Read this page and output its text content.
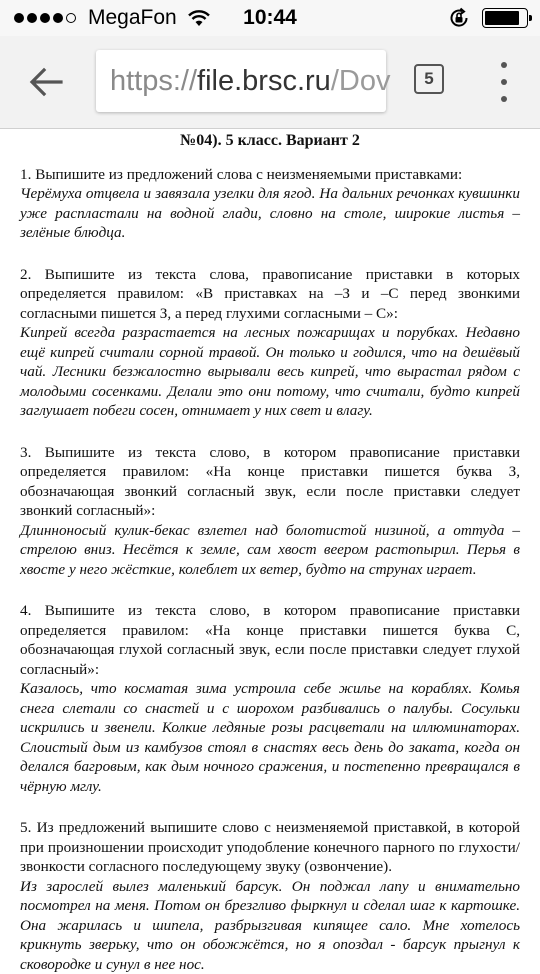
MegaFon	10:44
https://file.brsc.ru/Dov	5
№04). 5 класс. Вариант 2

1. Выпишите из предложений слова с неизменяемыми приставками:

Черёмуха отцвела и завязала узелки для ягод. На дальних речонках кувшинки уже распластали на водной глади, словно на столе, широкие листья – зелёные блюдца.

2. Выпишите из текста слова, правописание приставки в которых определяется правилом: «В приставках на –З и –С перед звонкими согласными пишется З, а перед глухими согласными – С»:

Кипрей всегда разрастается на лесных пожарищах и порубках. Недавно ещё кипрей считали сорной травой. Он только и годился, что на дешёвый чай. Лесники безжалостно вырывали весь кипрей, что вырастал рядом с молодыми сосенками. Делали это они потому, что считали, будто кипрей заглушает побеги сосен, отнимает у них свет и влагу.

3. Выпишите из текста слово, в котором правописание приставки определяется правилом: «На конце приставки пишется буква З, обозначающая звонкий согласный звук, если после приставки следует звонкий согласный»:

Длинноносый кулик-бекас взлетел над болотистой низиной, а оттуда – стрелою вниз. Несётся к земле, сам хвост веером растопырил. Перья в хвосте у него жёсткие, колеблет их ветер, будто на струнах играет.

4. Выпишите из текста слово, в котором правописание приставки определяется правилом: «На конце приставки пишется буква С, обозначающая глухой согласный звук, если после приставки следует глухой согласный»:

Казалось, что косматая зима устроила себе жилье на кораблях. Комья снега слетали со снастей и с шорохом разбивались о палубы. Сосульки искрились и звенели. Колкие ледяные розы расцветали на иллюминаторах. Слоистый дым из камбузов стоял в снастях весь день до заката, когда он делался багровым, как дым ночного сражения, и постепенно превращался в чёрную мглу.

5. Из предложений выпишите слово с неизменяемой приставкой, в которой при произношении происходит уподобление конечного парного по глухости/ звонкости согласного последующему звуку (озвончение).

Из зарослей вылез маленький барсук. Он поджал лапу и внимательно посмотрел на меня. Потом он брезгливо фыркнул и сделал шаг к картошке. Она жарилась и шипела, разбрызгивая кипящее сало. Мне хотелось крикнуть зверьку, что он обожжётся, но я опоздал - барсук прыгнул к сковородке и сунул в нее нос.
